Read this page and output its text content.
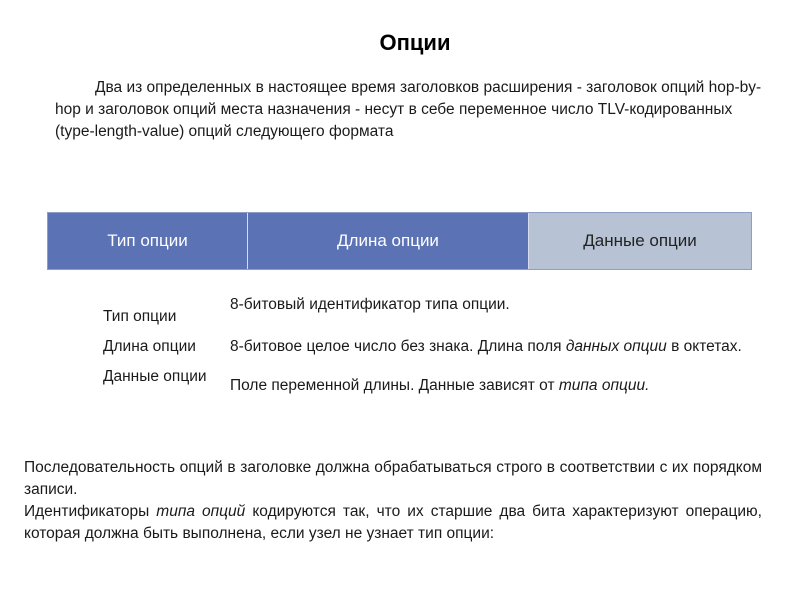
Опции

Два из определенных в настоящее время заголовков расширения - заголовок опций hop-by-hop и заголовок опций места назначения - несут в себе переменное число TLV-кодированных (type-length-value) опций следующего формата

Тип опции	Длина опции	Данные опции
Тип опции	8-битовый идентификатор типа опции.
Длина опции	8-битовое целое число без знака. Длина поля данных опции в октетах.
Данные опции	Поле переменной длины. Данные зависят от типа опции.

Последовательность опций в заголовке должна обрабатываться строго в соответствии с их порядком записи.

Идентификаторы типа опций кодируются так, что их старшие два бита характеризуют операцию, которая должна быть выполнена, если узел не узнает тип опции:
